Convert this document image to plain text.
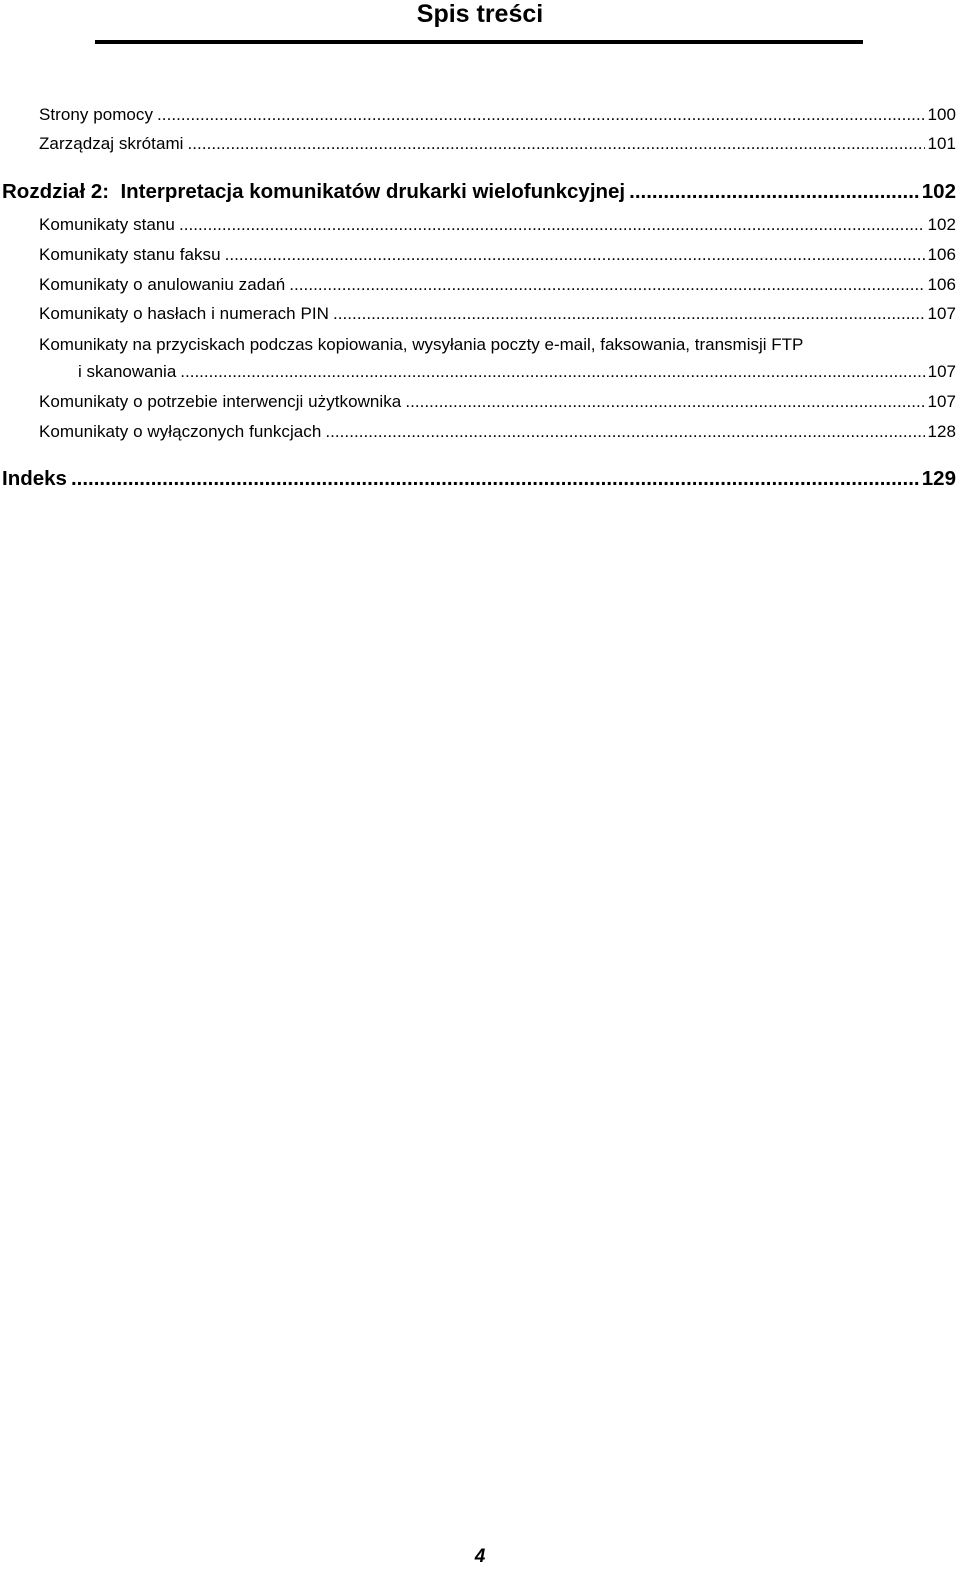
Spis treści
Strony pomocy .....	100
Zarządzaj skrótami .....	101
Rozdział 2:  Interpretacja komunikatów drukarki wielofunkcyjnej .....	102
Komunikaty stanu .....	102
Komunikaty stanu faksu .....	106
Komunikaty o anulowaniu zadań .....	106
Komunikaty o hasłach i numerach PIN .....	107
Komunikaty na przyciskach podczas kopiowania, wysyłania poczty e-mail, faksowania, transmisji FTP
i skanowania .....	107
Komunikaty o potrzebie interwencji użytkownika .....	107
Komunikaty o wyłączonych funkcjach .....	128
Indeks .....	129
4
